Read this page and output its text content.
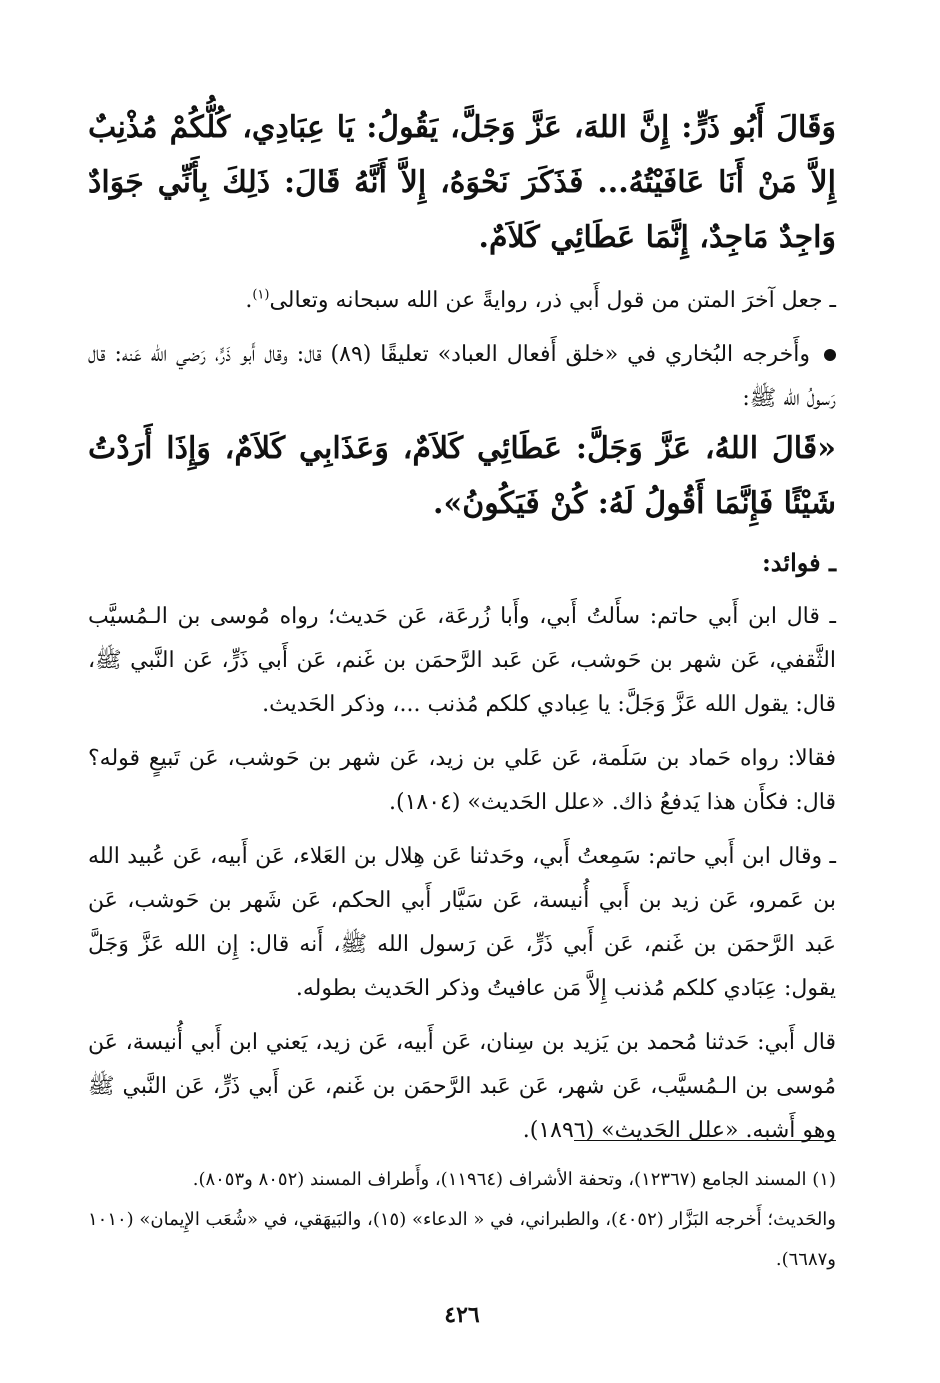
وَقَالَ أَبُو ذَرٍّ: إِنَّ اللهَ، عَزَّ وَجَلَّ، يَقُولُ: يَا عِبَادِي، كُلُّكُمْ مُذْنِبٌ إِلاَّ مَنْ أَنَا عَافَيْتُهُ... فَذَكَرَ نَحْوَهُ، إِلاَّ أَنَّهُ قَالَ: ذَلِكَ بِأَنِّي جَوَادٌ وَاجِدٌ مَاجِدٌ، إِنَّمَا عَطَائِي كَلاَمٌ.

ـ جعل آخرَ المتن من قول أَبي ذر، روايةً عن الله سبحانه وتعالى$^{(١)}$.

وأَخرجه البُخاري في «خلق أَفعال العباد» تعليقًا (٨٩) قال: وقال أَبو ذَرٍّ، رَضي الله عَنه: قال رَسولُ الله ﷺ:

«قَالَ اللهُ، عَزَّ وَجَلَّ: عَطَائِي كَلاَمٌ، وَعَذَابِي كَلاَمٌ، وَإِذَا أَرَدْتُ شَيْئًا فَإِنَّمَا أَقُولُ لَهُ: كُنْ فَيَكُونُ».

ـ فوائد:

ـ قال ابن أَبي حاتم: سأَلتُ أَبي، وأَبا زُرعَة، عَن حَديث؛ رواه مُوسى بن الـمُسيَّب الثَّقفي، عَن شهر بن حَوشب، عَن عَبد الرَّحمَن بن غَنم، عَن أَبي ذَرٍّ، عَن النَّبي ﷺ، قال: يقول الله عَزَّ وَجَلَّ: يا عِبادي كلكم مُذنب ...، وذكر الحَديث.

فقالا: رواه حَماد بن سَلَمة، عَن عَلي بن زيد، عَن شهر بن حَوشب، عَن تَبيعٍ قوله؟ قال: فكأَن هذا يَدفعُ ذاك. «علل الحَديث» (١٨٠٤).

ـ وقال ابن أَبي حاتم: سَمِعتُ أَبي، وحَدثنا عَن هِلال بن العَلاء، عَن أَبيه، عَن عُبيد الله بن عَمرو، عَن زيد بن أَبي أُنيسة، عَن سَيَّار أَبي الحكم، عَن شَهر بن حَوشب، عَن عَبد الرَّحمَن بن غَنم، عَن أَبي ذَرٍّ، عَن رَسول الله ﷺ، أَنه قال: إِن الله عَزَّ وَجَلَّ يقول: عِبَادي كلكم مُذنب إِلاَّ مَن عافيتُ وذكر الحَديث بطوله.

قال أَبي: حَدثنا مُحمد بن يَزيد بن سِنان، عَن أَبيه، عَن زيد، يَعني ابن أَبي أُنيسة، عَن مُوسى بن الـمُسيَّب، عَن شهر، عَن عَبد الرَّحمَن بن غَنم، عَن أَبي ذَرٍّ، عَن النَّبي ﷺ وهو أَشبه. «علل الحَديث» (١٨٩٦).

(١) المسند الجامع (١٢٣٦٧)، وتحفة الأشراف (١١٩٦٤)، وأَطراف المسند (٨٠٥٢ و٨٠٥٣).

والحَديث؛ أَخرجه البَزَّار (٤٠٥٢)، والطبراني، في « الدعاء» (١٥)، والبَيهَقي، في «شُعَب الإِيمان» (١٠١٠ و٦٦٨٧).

٤٢٦
